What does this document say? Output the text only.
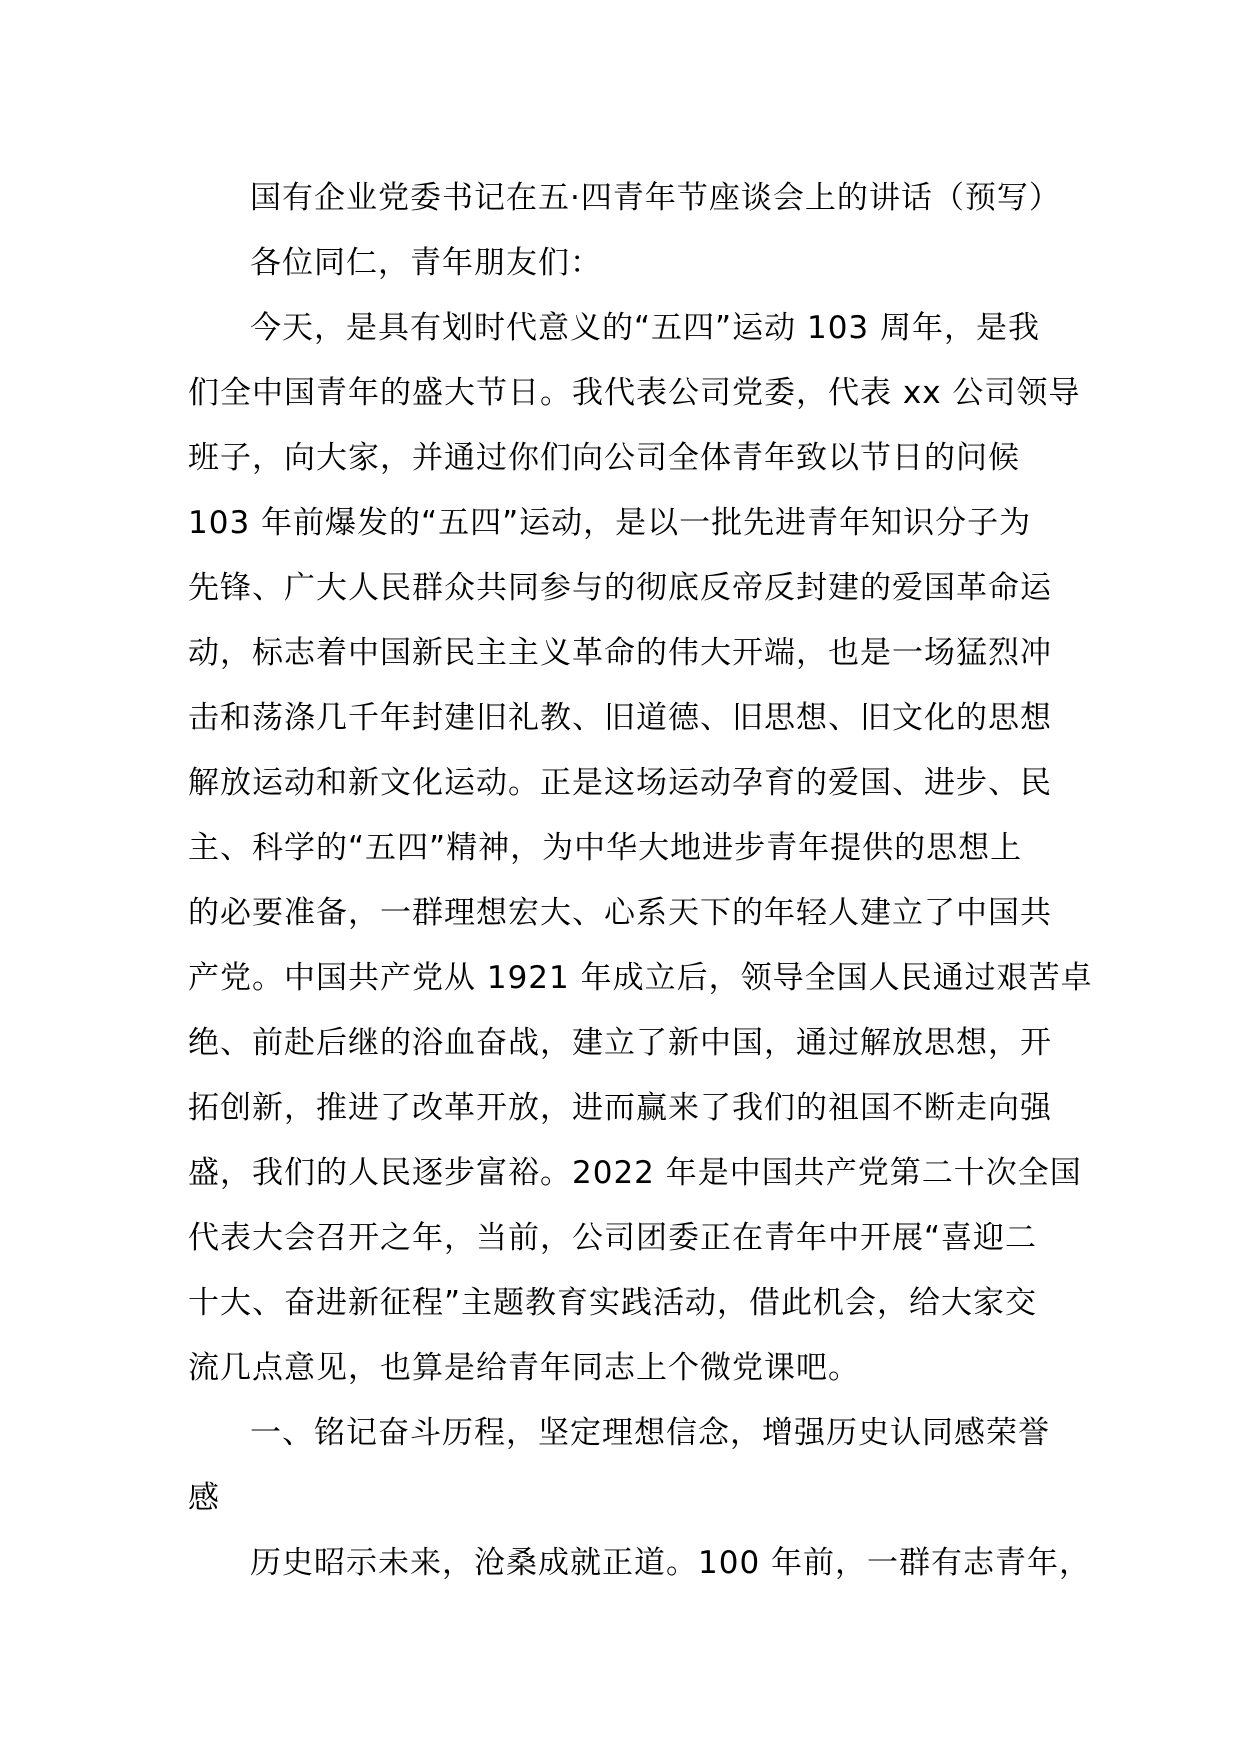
国有企业党委书记在五·四青年节座谈会上的讲话（预写）
各位同仁，青年朋友们：
今天，是具有划时代意义的“五四”运动 103 周年，是我
们全中国青年的盛大节日。我代表公司党委，代表 xx 公司领导
班子，向大家，并通过你们向公司全体青年致以节日的问候
103 年前爆发的“五四”运动，是以一批先进青年知识分子为
先锋、广大人民群众共同参与的彻底反帝反封建的爱国革命运
动，标志着中国新民主主义革命的伟大开端，也是一场猛烈冲
击和荡涤几千年封建旧礼教、旧道德、旧思想、旧文化的思想
解放运动和新文化运动。正是这场运动孕育的爱国、进步、民
主、科学的“五四”精神，为中华大地进步青年提供的思想上
的必要准备，一群理想宏大、心系天下的年轻人建立了中国共
产党。中国共产党从 1921 年成立后，领导全国人民通过艰苦卓
绝、前赴后继的浴血奋战，建立了新中国，通过解放思想，开
拓创新，推进了改革开放，进而赢来了我们的祖国不断走向强
盛，我们的人民逐步富裕。2022 年是中国共产党第二十次全国
代表大会召开之年，当前，公司团委正在青年中开展“喜迎二
十大、奋进新征程”主题教育实践活动，借此机会，给大家交
流几点意见，也算是给青年同志上个微党课吧。
一、铭记奋斗历程，坚定理想信念，增强历史认同感荣誉
感
历史昭示未来，沧桑成就正道。100 年前，一群有志青年，
